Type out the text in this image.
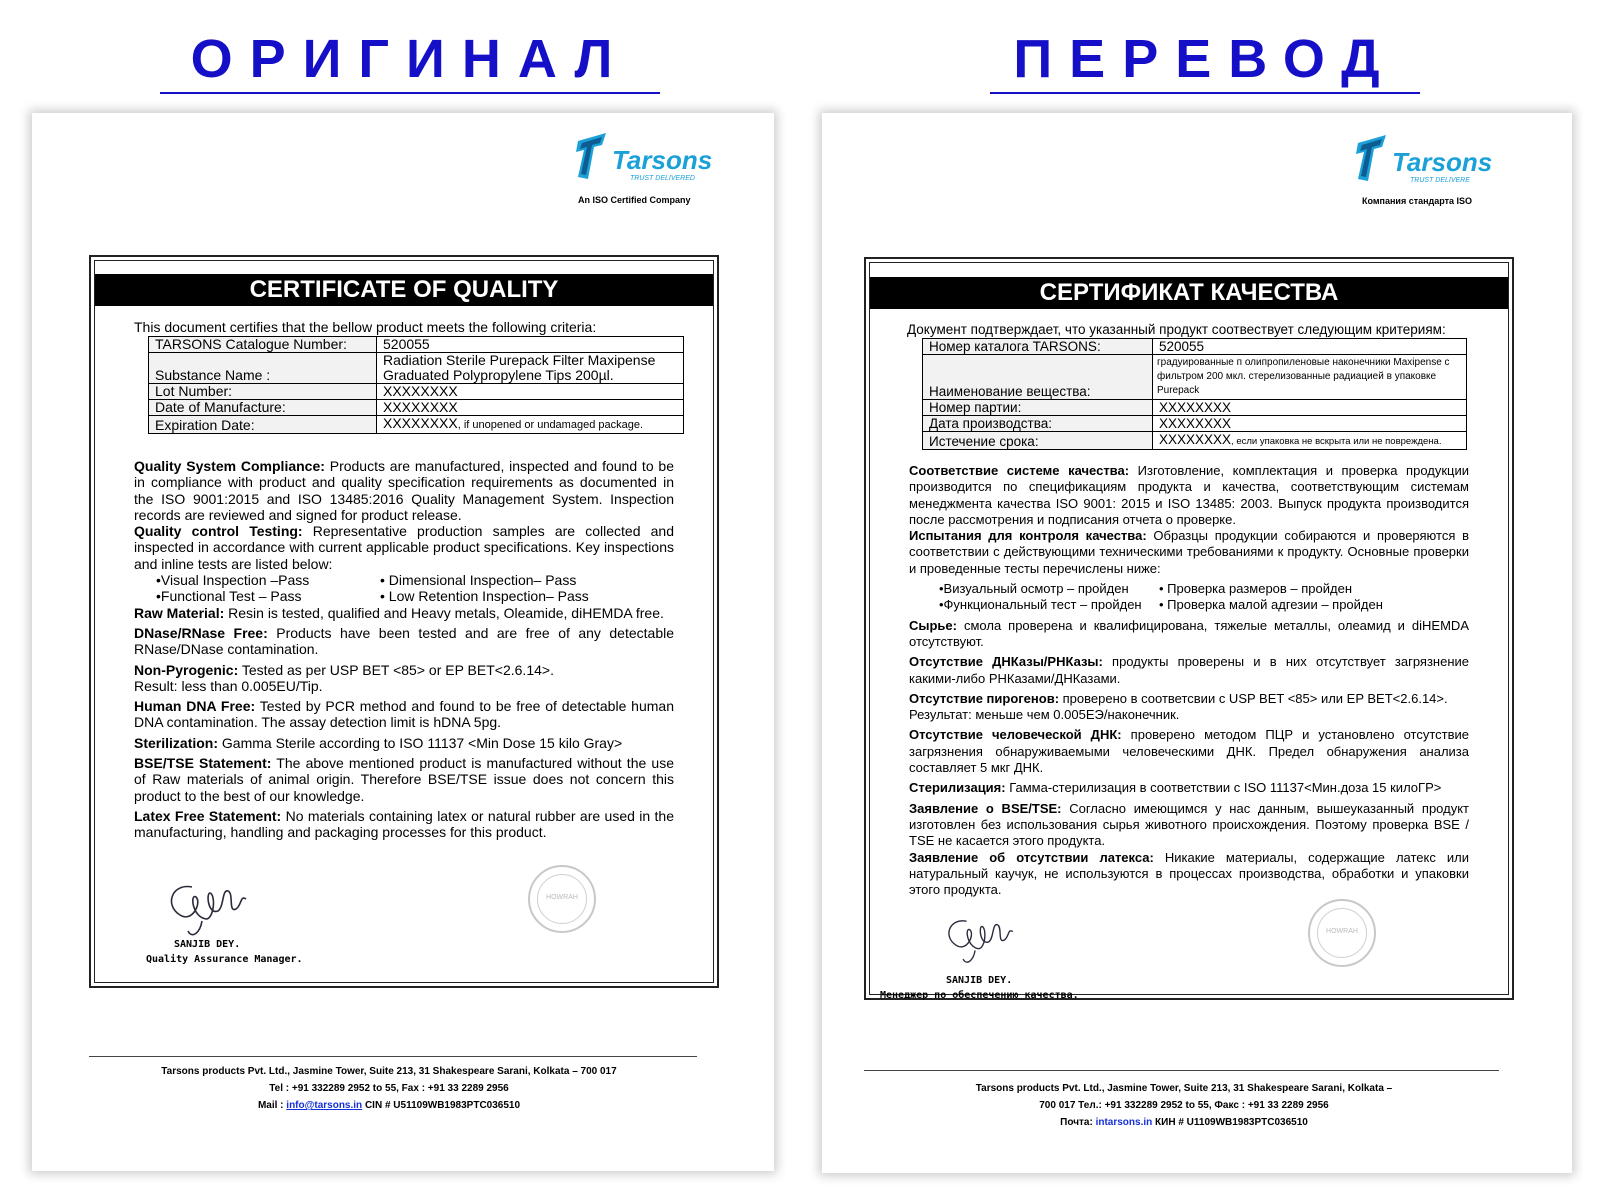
ОРИГИНАЛ	ПЕРЕВОД
Tarsons
TRUST DELIVERED
An ISO Certified Company
CERTIFICATE OF QUALITY
This document certifies that the bellow product meets the following criteria:
TARSONS Catalogue Number:	520055
Substance Name :	Radiation Sterile Purepack Filter Maxipense
Graduated Polypropylene Tips 200µl.

Lot Number:	XXXXXXXX
Date of Manufacture:	XXXXXXXX
Expiration Date:	XXXXXXXX, if unopened or undamaged package.

Quality System Compliance: Products are manufactured, inspected and found to be in compliance with product and quality specification requirements as documented in the ISO 9001:2015 and ISO 13485:2016 Quality Management System. Inspection records are reviewed and signed for product release.

Quality control Testing: Representative production samples are collected and inspected in accordance with current applicable product specifications. Key inspections and inline tests are listed below:

•Visual Inspection –Pass	• Dimensional Inspection– Pass
•Functional Test – Pass	• Low Retention Inspection– Pass

Raw Material: Resin is tested, qualified and Heavy metals, Oleamide, diHEMDA free.

DNase/RNase Free: Products have been tested and are free of any detectable RNase/DNase contamination.

Non-Pyrogenic: Tested as per USP BET <85> or EP BET<2.6.14>.

Result: less than 0.005EU/Tip.

Human DNA Free: Tested by PCR method and found to be free of detectable human DNA contamination. The assay detection limit is hDNA 5pg.

Sterilization: Gamma Sterile according to ISO 11137 <Min Dose 15 kilo Gray>

BSE/TSE Statement: The above mentioned product is manufactured without the use of Raw materials of animal origin. Therefore BSE/TSE issue does not concern this product to the best of our knowledge.

Latex Free Statement: No materials containing latex or natural rubber are used in the manufacturing, handling and packaging processes for this product.

SANJIB DEY.
Quality Assurance Manager.
HOWRAH
Tarsons products Pvt. Ltd., Jasmine Tower, Suite 213, 31 Shakespeare Sarani, Kolkata – 700 017
Tel : +91 332289 2952 to 55, Fax : +91 33 2289 2956
Mail : info@tarsons.in CIN # U51109WB1983PTC036510
Tarsons
TRUST DELIVERE
Компания стандарта ISO
СЕРТИФИКАТ КАЧЕСТВА
Документ подтверждает, что указанный продукт соотвествует следующим критериям:
Номер каталога TARSONS:	520055
Наименование вещества:	градуированные п олипропиленовые наконечники Maxipense с
фильтром 200 мкл. стерелизованные радиацией в упаковке Purepack

Номер партии:	XXXXXXXX
Дата производства:	XXXXXXXX
Истечение срока:	XXXXXXXX, если упаковка не вскрыта или не повреждена.

Соответствие системе качества: Изготовление, комплектация и проверка продукции производится по спецификациям продукта и качества, соответствующим системам менеджмента качества ISO 9001: 2015 и ISO 13485: 2003. Выпуск продукта производится после рассмотрения и подписания отчета о проверке.

Испытания для контроля качества: Образцы продукции собираются и проверяются в соответствии с действующими техническими требованиями к продукту. Основные проверки и проведенные тесты перечислены ниже:

•Визуальный осмотр – пройден	• Проверка размеров – пройден
•Функциональный тест – пройден	• Проверка малой адгезии – пройден

Сырье: смола проверена и квалифицирована, тяжелые металлы, олеамид и diHEMDA отсутствуют.

Отсутствие ДНКазы/РНКазы: продукты проверены и в них отсутствует загрязнение какими-либо РНКазами/ДНКазами.

Отсутствие пирогенов: проверено в соответсвии с USP BET <85> или EP BET<2.6.14>.

Результат: меньше чем 0.005ЕЭ/наконечник.

Отсутствие человеческой ДНК: проверено методом ПЦР и установлено отсутствие загрязнения обнаруживаемыми человеческими ДНК. Предел обнаружения анализа составляет 5 мкг ДНК.

Стерилизация: Гамма-стерилизация в соответствии с ISO 11137<Мин.доза 15 килоГР>

Заявление о BSE/TSE: Согласно имеющимся у нас данным, вышеуказанный продукт изготовлен без использования сырья животного происхождения. Поэтому проверка BSE / TSE не касается этого продукта.

Заявление об отсутствии латекса: Никакие материалы, содержащие латекс или натуральный каучук, не используются в процессах производства, обработки и упаковки этого продукта.

SANJIB DEY.
Менеджер по обеспечению качества.
HOWRAH
Tarsons products Pvt. Ltd., Jasmine Tower, Suite 213, 31 Shakespeare Sarani, Kolkata –
700 017 Тел.: +91 332289 2952 to 55, Факс : +91 33 2289 2956
Почта: intarsons.in КИН # U1109WB1983PTC036510
